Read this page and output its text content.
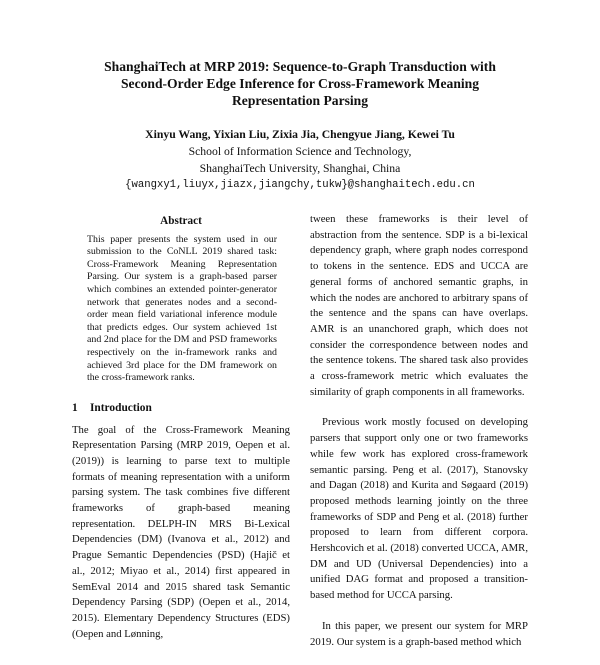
ShanghaiTech at MRP 2019: Sequence-to-Graph Transduction with
Second-Order Edge Inference for Cross-Framework Meaning
Representation Parsing
Xinyu Wang, Yixian Liu, Zixia Jia, Chengyue Jiang, Kewei Tu
School of Information Science and Technology,
ShanghaiTech University, Shanghai, China
{wangxy1,liuyx,jiazx,jiangchy,tukw}@shanghaitech.edu.cn
Abstract
This paper presents the system used in our submission to the CoNLL 2019 shared task: Cross-Framework Meaning Representation Parsing. Our system is a graph-based parser which combines an extended pointer-generator network that generates nodes and a second-order mean field variational inference module that predicts edges. Our system achieved 1st and 2nd place for the DM and PSD frameworks respectively on the in-framework ranks and achieved 3rd place for the DM framework on the cross-framework ranks.
1 Introduction
The goal of the Cross-Framework Meaning Representation Parsing (MRP 2019, Oepen et al. (2019)) is learning to parse text to multiple formats of meaning representation with a uniform parsing system. The task combines five different frameworks of graph-based meaning representation. DELPH-IN MRS Bi-Lexical Dependencies (DM) (Ivanova et al., 2012) and Prague Semantic Dependencies (PSD) (Hajič et al., 2012; Miyao et al., 2014) first appeared in SemEval 2014 and 2015 shared task Semantic Dependency Parsing (SDP) (Oepen et al., 2014, 2015). Elementary Dependency Structures (EDS) (Oepen and Lønning,
tween these frameworks is their level of abstraction from the sentence. SDP is a bi-lexical dependency graph, where graph nodes correspond to tokens in the sentence. EDS and UCCA are general forms of anchored semantic graphs, in which the nodes are anchored to arbitrary spans of the sentence and the spans can have overlaps. AMR is an unanchored graph, which does not consider the correspondence between nodes and the sentence tokens. The shared task also provides a cross-framework metric which evaluates the similarity of graph components in all frameworks.
Previous work mostly focused on developing parsers that support only one or two frameworks while few work has explored cross-framework semantic parsing. Peng et al. (2017), Stanovsky and Dagan (2018) and Kurita and Søgaard (2019) proposed methods learning jointly on the three frameworks of SDP and Peng et al. (2018) further proposed to learn from different corpora. Hershcovich et al. (2018) converted UCCA, AMR, DM and UD (Universal Dependencies) into a unified DAG format and proposed a transition-based method for UCCA parsing.
In this paper, we present our system for MRP 2019. Our system is a graph-based method which
